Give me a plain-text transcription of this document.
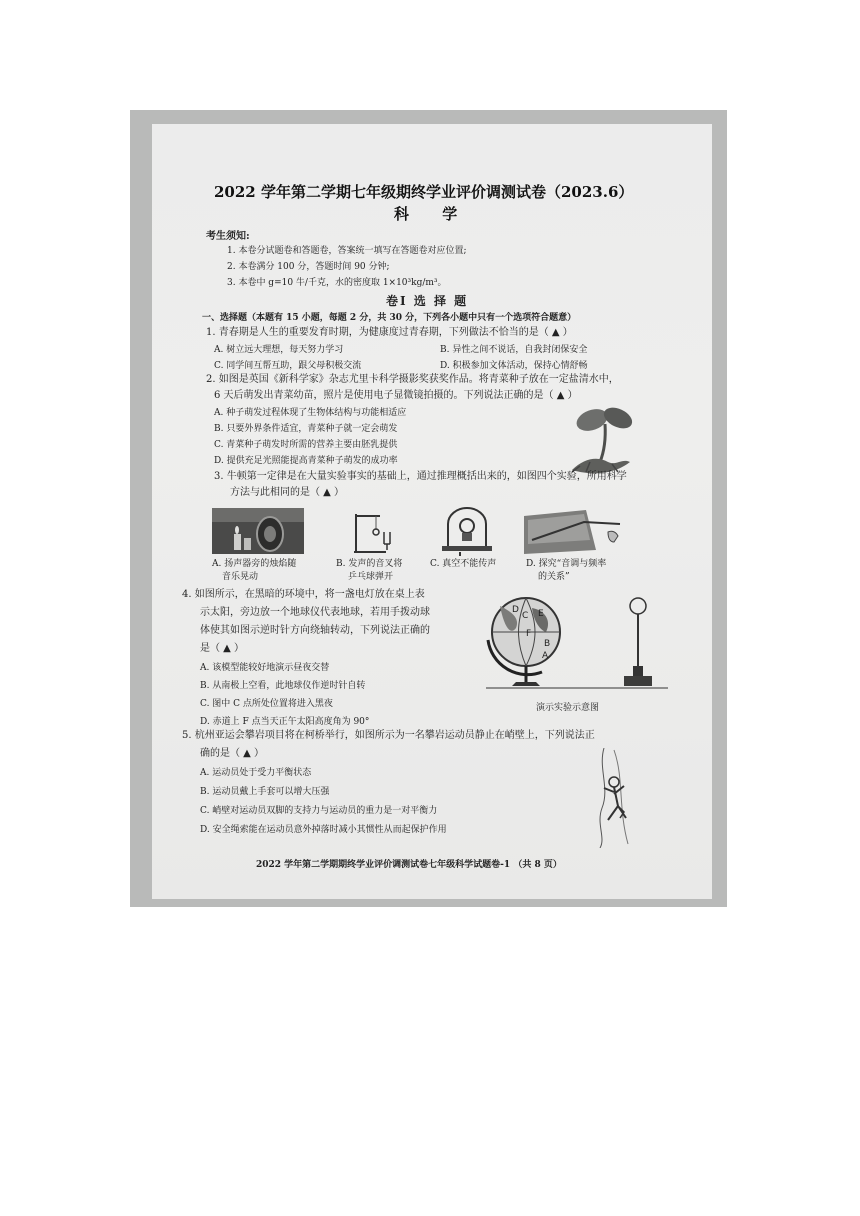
2022 学年第二学期七年级期终学业评价调测试卷（2023.6）
科 学
考生须知:
1. 本卷分试题卷和答题卷，答案统一填写在答题卷对应位置;
2. 本卷满分 100 分，答题时间 90 分钟;
3. 本卷中 g=10 牛/千克，水的密度取 1×10³kg/m³。
卷I 选 择 题
一、选择题（本题有 15 小题，每题 2 分，共 30 分，下列各小题中只有一个选项符合题意）
1. 青春期是人生的重要发育时期，为健康度过青春期，下列做法不恰当的是（ ▲ ）
A. 树立远大理想，每天努力学习	B. 异性之间不说话，自我封闭保安全
C. 同学间互帮互助，跟父母积极交流	D. 积极参加文体活动，保持心情舒畅
2. 如图是英国《新科学家》杂志尤里卡科学摄影奖获奖作品。将青菜种子放在一定盐清水中，
6 天后萌发出青菜幼苗，照片是使用电子显微镜拍摄的。下列说法正确的是（ ▲ ）
A. 种子萌发过程体现了生物体结构与功能相适应
B. 只要外界条件适宜，青菜种子就一定会萌发
C. 青菜种子萌发时所需的营养主要由胚乳提供
D. 提供充足光照能提高青菜种子萌发的成功率
3. 牛顿第一定律是在大量实验事实的基础上，通过推理概括出来的，如图四个实验，所用科学
方法与此相同的是（ ▲ ）
A. 扬声器旁的烛焰随
音乐晃动
B. 发声的音叉将
乒乓球弹开
C. 真空不能传声	D. 探究“音调与频率
的关系”
4. 如图所示，在黑暗的环境中，将一盏电灯放在桌上表
示太阳，旁边放一个地球仪代表地球，若用手拨动球
体使其如图示逆时针方向绕轴转动，下列说法正确的
是（ ▲ ）
A. 该模型能较好地演示昼夜交替
B. 从南极上空看，此地球仪作逆时针自转
C. 图中 C 点所处位置将进入黑夜
D. 赤道上 F 点当天正午太阳高度角为 90°
D
C E
F
B
A
演示实验示意图
5. 杭州亚运会攀岩项目将在柯桥举行，如图所示为一名攀岩运动员静止在峭壁上，下列说法正
确的是（ ▲ ）
A. 运动员处于受力平衡状态
B. 运动员戴上手套可以增大压强
C. 峭壁对运动员双脚的支持力与运动员的重力是一对平衡力
D. 安全绳索能在运动员意外掉落时减小其惯性从而起保护作用
2022 学年第二学期期终学业评价调测试卷七年级科学试题卷-1 （共 8 页）
